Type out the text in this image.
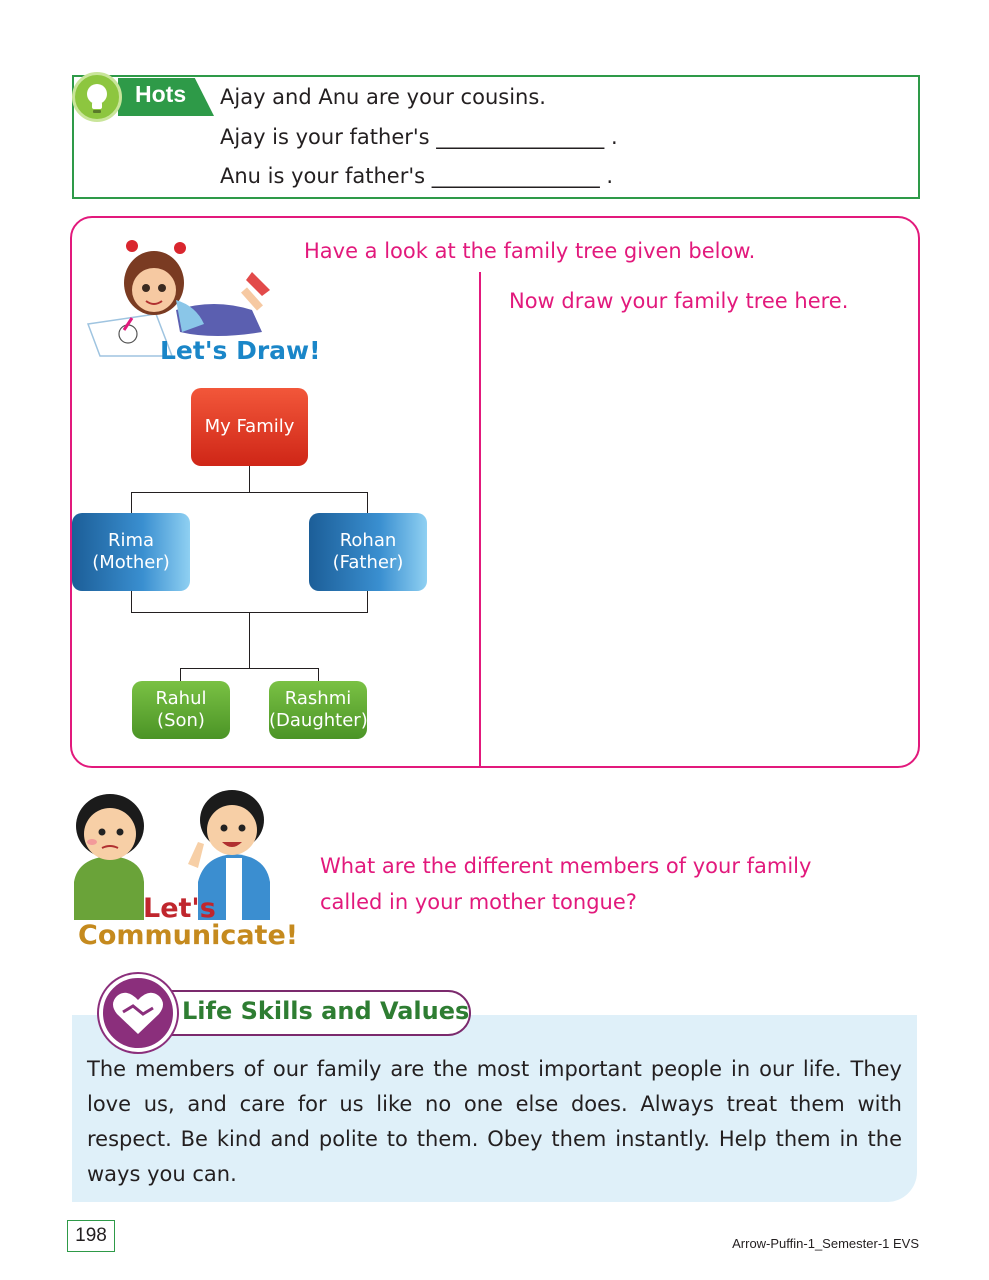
Hots Ajay and Anu are your cousins.
Ajay is your father's ________________ .
Anu is your father's ________________ .
Let's Draw!
Have a look at the family tree given below.
Now draw your family tree here.
My Family
Rima
(Mother)
Rohan
(Father)
Rahul
(Son)
Rashmi
(Daughter)
Let's
Communicate!
What are the different members of your family called in your mother tongue?
Life Skills and Values
The members of our family are the most important people in our life. They love us, and care for us like no one else does. Always treat them with respect. Be kind and polite to them. Obey them instantly. Help them in the ways you can.
198	Arrow-Puffin-1_Semester-1 EVS
